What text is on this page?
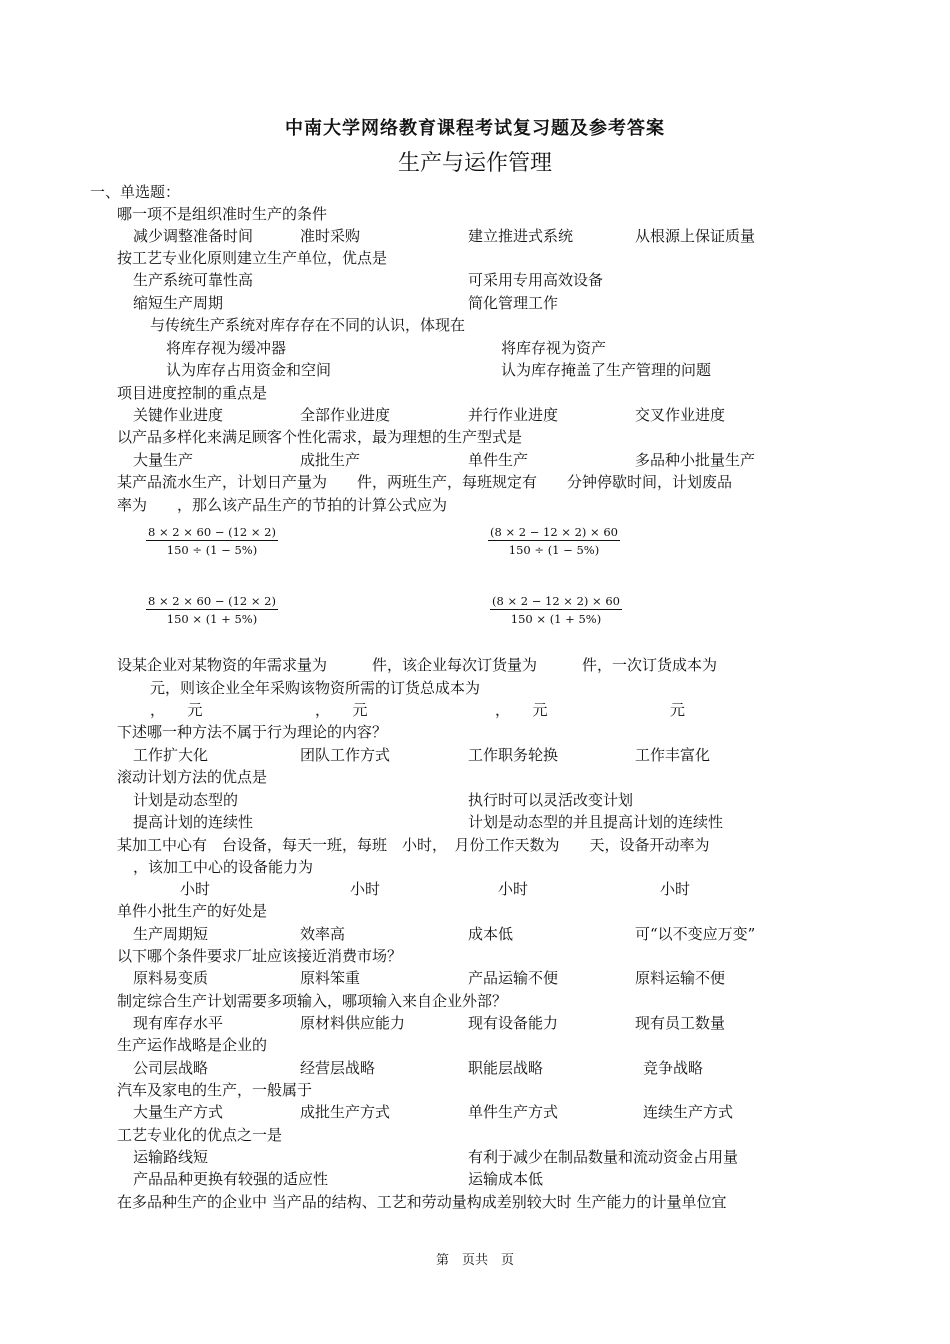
中南大学网络教育课程考试复习题及参考答案
生产与运作管理
一、单选题：
哪一项不是组织准时生产的条件
减少调整准备时间	准时采购	建立推进式系统	从根源上保证质量
按工艺专业化原则建立生产单位，优点是
生产系统可靠性高	可采用专用高效设备
缩短生产周期	简化管理工作
与传统生产系统对库存存在不同的认识，体现在
将库存视为缓冲器	将库存视为资产
认为库存占用资金和空间	认为库存掩盖了生产管理的问题
项目进度控制的重点是
关键作业进度	全部作业进度	并行作业进度	交叉作业进度
以产品多样化来满足顾客个性化需求，最为理想的生产型式是
大量生产	成批生产	单件生产	多品种小批量生产
某产品流水生产，计划日产量为　　件，两班生产，每班规定有　　分钟停歇时间，计划废品
率为　　，那么该产品生产的节拍的计算公式应为
$\frac{8 \times 2 \times 60 - (12 \times 2)}{150 \div (1 - 5\%)}$	$\frac{(8 \times 2 - 12 \times 2) \times 60}{150 \div (1 - 5\%)}$
$\frac{8 \times 2 \times 60 - (12 \times 2)}{150 \times (1 + 5\%)}$	$\frac{(8 \times 2 - 12 \times 2) \times 60}{150 \times (1 + 5\%)}$
设某企业对某物资的年需求量为　　　件，该企业每次订货量为　　　件，一次订货成本为
元，则该企业全年采购该物资所需的订货总成本为
，　　元	，　　元	，　　元	元
下述哪一种方法不属于行为理论的内容？
工作扩大化	团队工作方式	工作职务轮换	工作丰富化
滚动计划方法的优点是
计划是动态型的	执行时可以灵活改变计划
提高计划的连续性	计划是动态型的并且提高计划的连续性
某加工中心有　台设备，每天一班，每班　小时，　月份工作天数为　　天，设备开动率为
，该加工中心的设备能力为
小时	小时	小时	小时
单件小批生产的好处是
生产周期短	效率高	成本低	可“以不变应万变”
以下哪个条件要求厂址应该接近消费市场？
原料易变质	原料笨重	产品运输不便	原料运输不便
制定综合生产计划需要多项输入，哪项输入来自企业外部？
现有库存水平	原材料供应能力	现有设备能力	现有员工数量
生产运作战略是企业的
公司层战略	经营层战略	职能层战略	竞争战略
汽车及家电的生产，一般属于
大量生产方式	成批生产方式	单件生产方式	连续生产方式
工艺专业化的优点之一是
运输路线短	有利于减少在制品数量和流动资金占用量
产品品种更换有较强的适应性	运输成本低
在多品种生产的企业中 当产品的结构、工艺和劳动量构成差别较大时 生产能力的计量单位宜
第　页共　页
